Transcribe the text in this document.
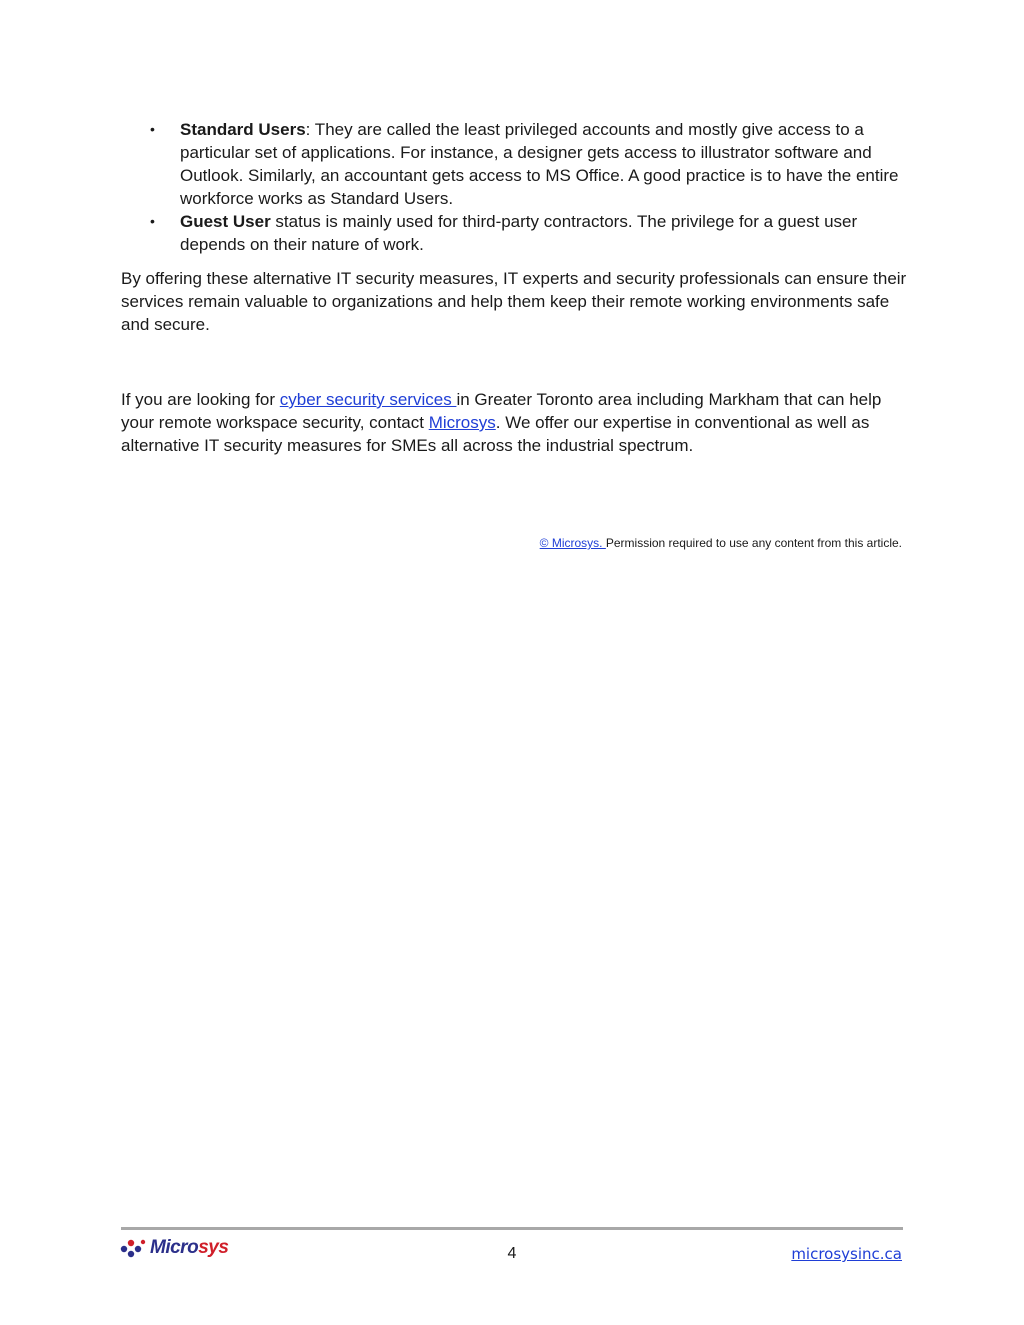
• Standard Users: They are called the least privileged accounts and mostly give access to a particular set of applications. For instance, a designer gets access to illustrator software and Outlook. Similarly, an accountant gets access to MS Office. A good practice is to have the entire workforce works as Standard Users.
• Guest User status is mainly used for third-party contractors. The privilege for a guest user depends on their nature of work.

By offering these alternative IT security measures, IT experts and security professionals can ensure their services remain valuable to organizations and help them keep their remote working environments safe and secure.

If you are looking for cyber security services in Greater Toronto area including Markham that can help your remote workspace security, contact Microsys. We offer our expertise in conventional as well as alternative IT security measures for SMEs all across the industrial spectrum.

© Microsys. Permission required to use any content from this article.
Microsys	4	microsysinc.ca
